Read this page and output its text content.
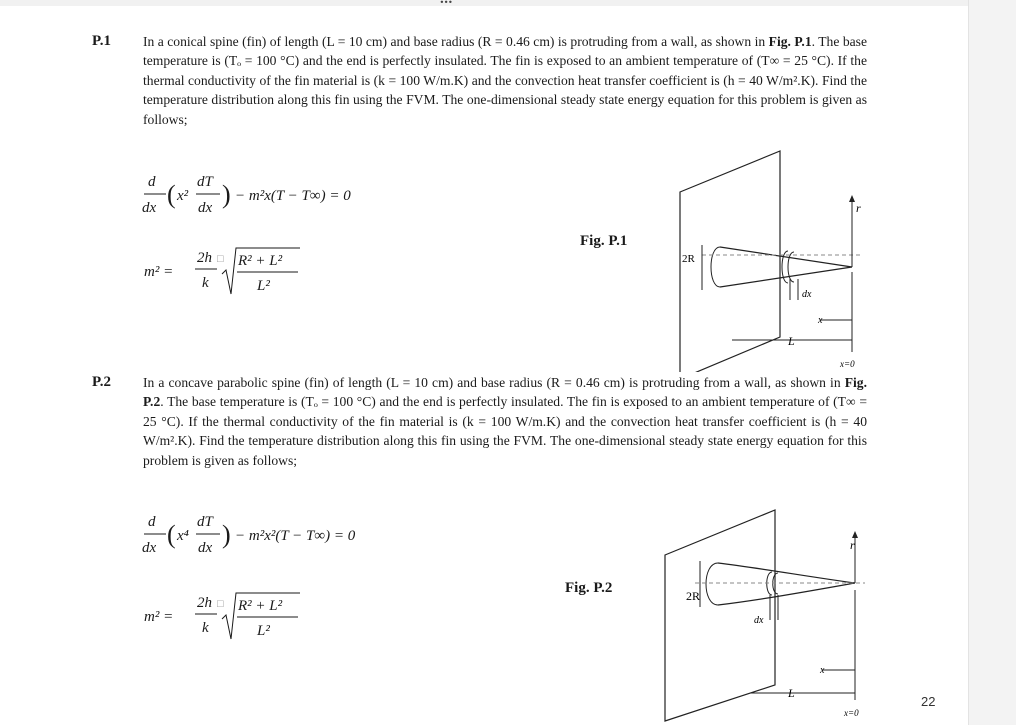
P.1 In a conical spine (fin) of length (L = 10 cm) and base radius (R = 0.46 cm) is protruding from a wall, as shown in Fig. P.1. The base temperature is (Tₒ = 100 °C) and the end is perfectly insulated. The fin is exposed to an ambient temperature of (T∞ = 25 °C). If the thermal conductivity of the fin material is (k = 100 W/m.K) and the convection heat transfer coefficient is (h = 40 W/m².K). Find the temperature distribution along this fin using the FVM. The one-dimensional steady state energy equation for this problem is given as follows;
d
dx ( x²
dT
dx ) − m²x(T − T∞) = 0
m² =
2h □
k
R² + L²
L²
Fig. P.1
r
2R
dx
x
L
x=0
P.2 In a concave parabolic spine (fin) of length (L = 10 cm) and base radius (R = 0.46 cm) is protruding from a wall, as shown in Fig. P.2. The base temperature is (Tₒ = 100 °C) and the end is perfectly insulated. The fin is exposed to an ambient temperature of (T∞ = 25 °C). If the thermal conductivity of the fin material is (k = 100 W/m.K) and the convection heat transfer coefficient is (h = 40 W/m².K). Find the temperature distribution along this fin using the FVM. The one-dimensional steady state energy equation for this problem is given as follows;
d
dx ( x⁴
dT
dx ) − m²x²(T − T∞) = 0
m² =
2h □
k
R² + L²
L²
Fig. P.2
r
2R
dx
x
L
x=0
22
